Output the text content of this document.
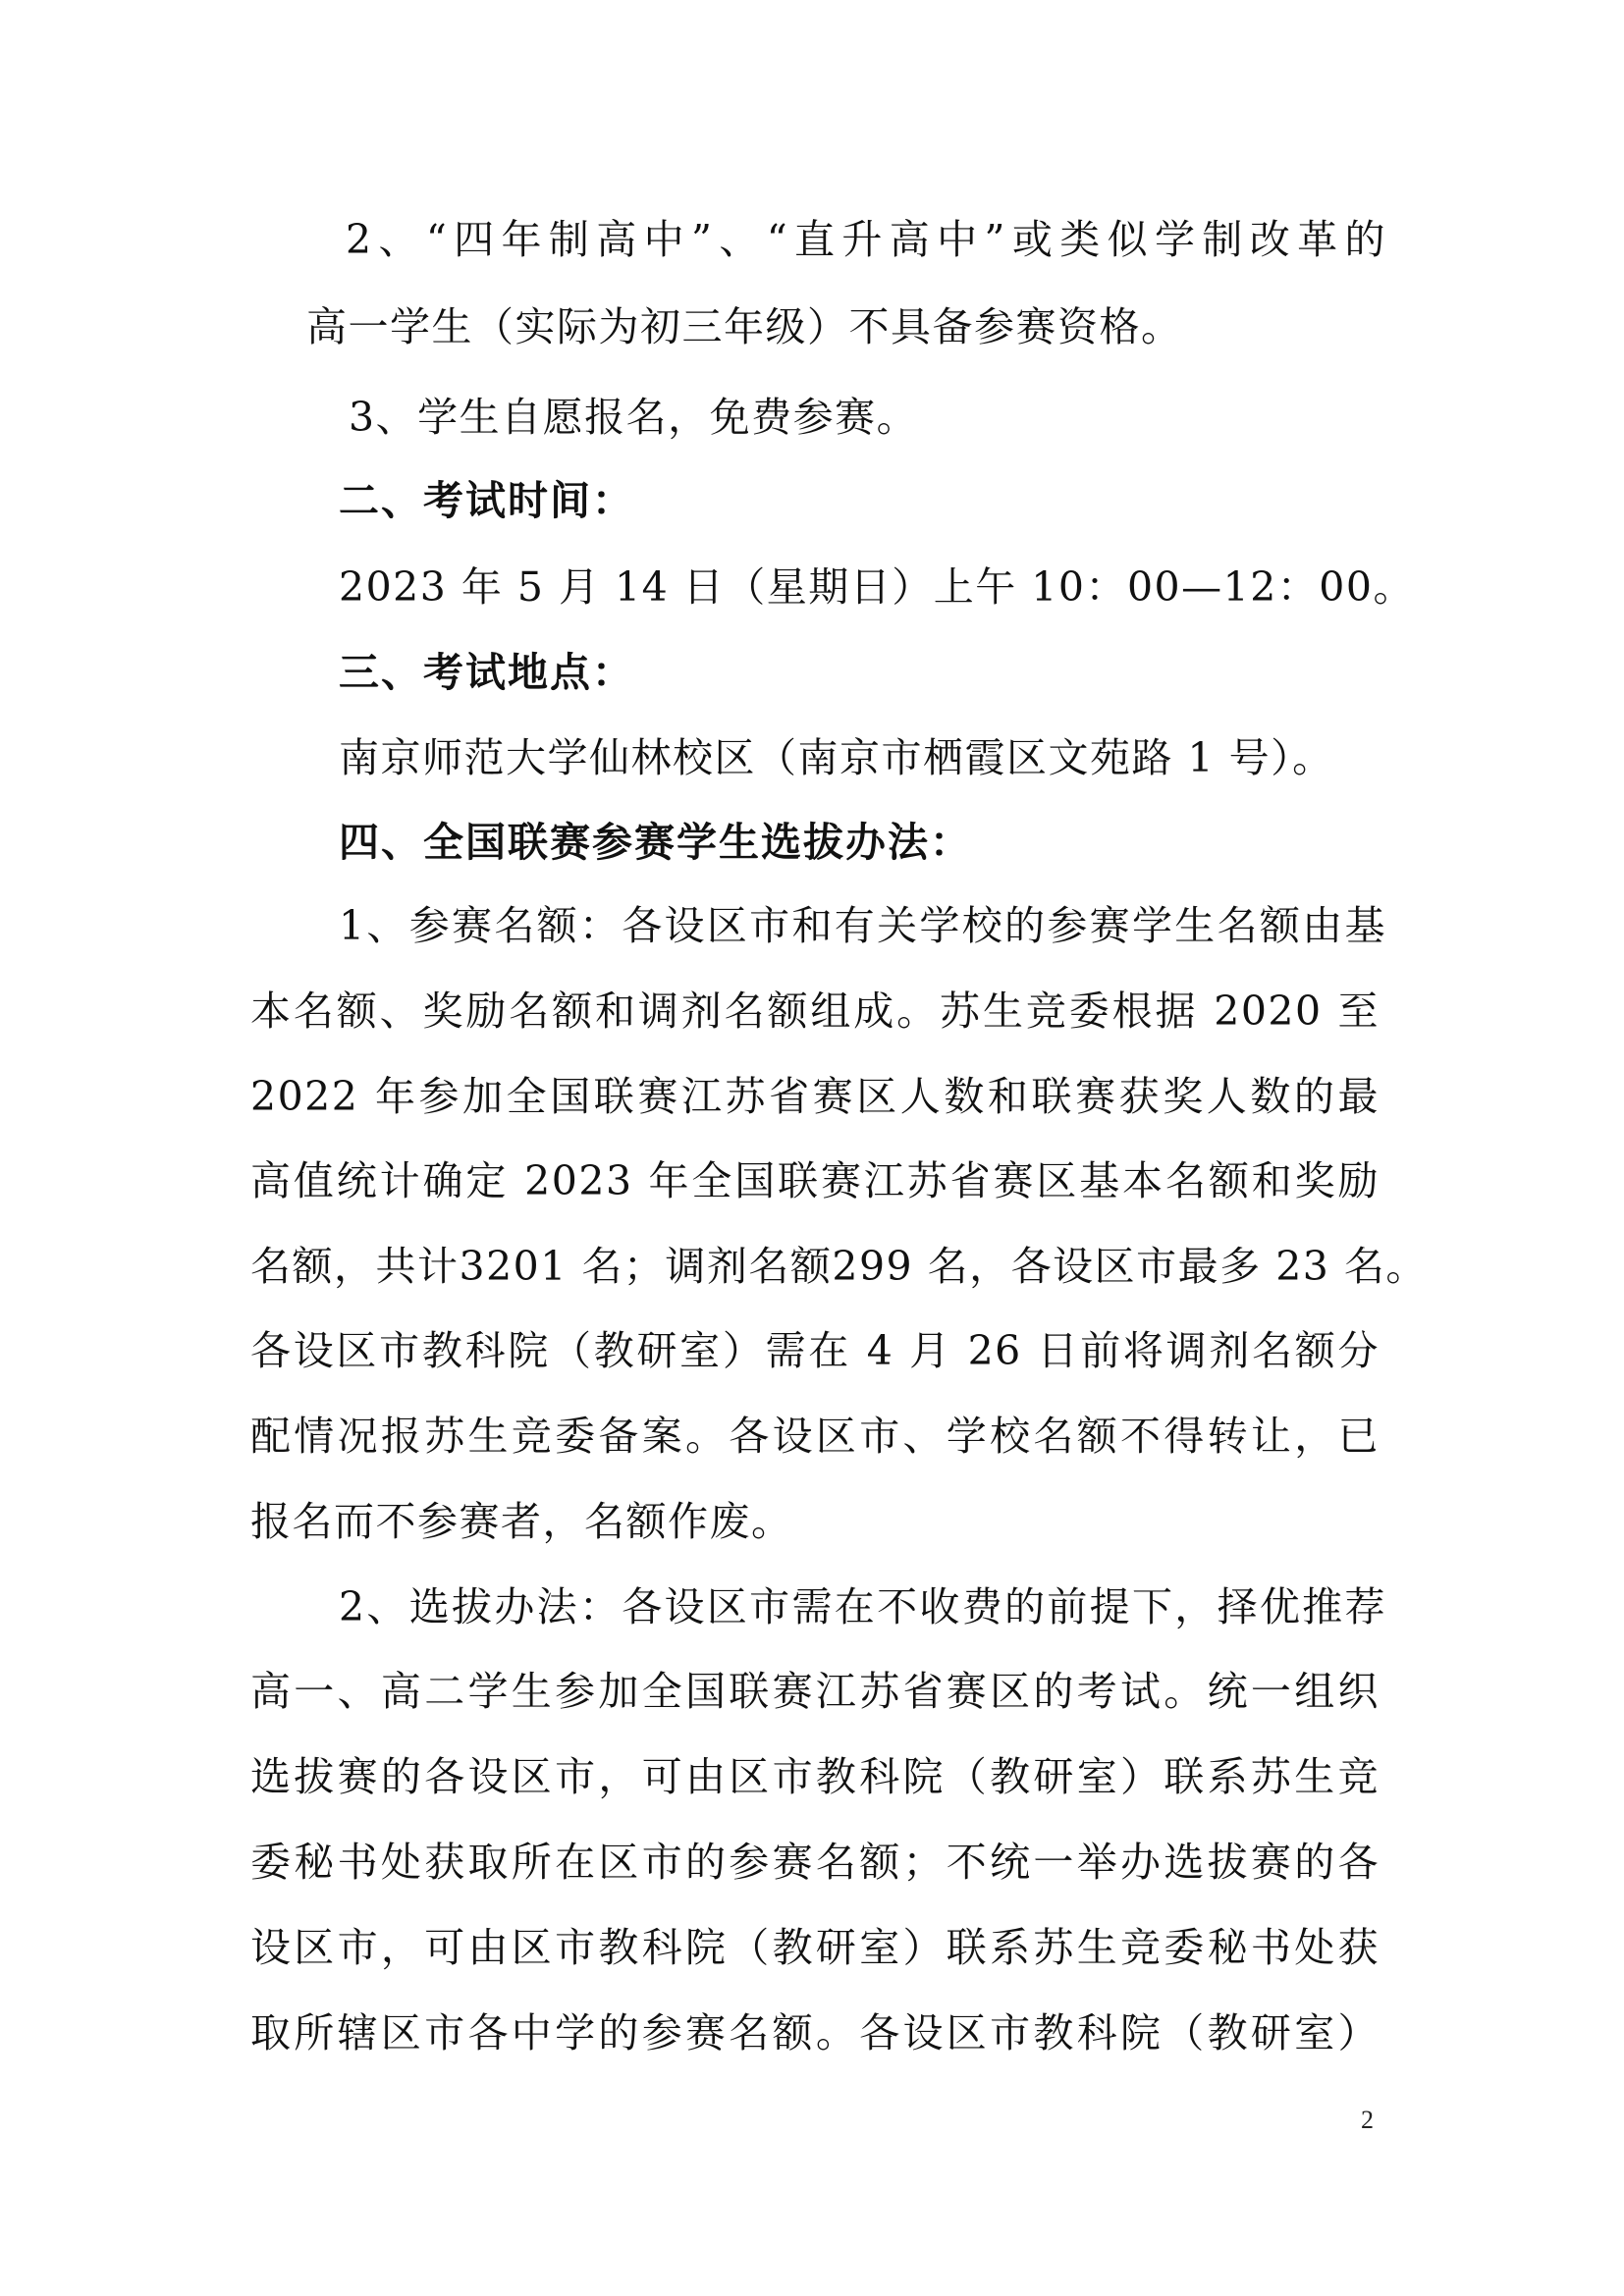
2、“四年制高中”、“直升高中”或类似学制改革的
高一学生（实际为初三年级）不具备参赛资格。
3、学生自愿报名，免费参赛。
二、考试时间：
2023 年 5 月 14 日（星期日）上午 10：00—12：00。
三、考试地点：
南京师范大学仙林校区（南京市栖霞区文苑路 1 号）。
四、全国联赛参赛学生选拔办法：
1、参赛名额：各设区市和有关学校的参赛学生名额由基
本名额、奖励名额和调剂名额组成。苏生竞委根据 2020 至
2022 年参加全国联赛江苏省赛区人数和联赛获奖人数的最
高值统计确定 2023 年全国联赛江苏省赛区基本名额和奖励
名额，共计3201 名；调剂名额299 名，各设区市最多 23 名。
各设区市教科院（教研室）需在 4 月 26 日前将调剂名额分
配情况报苏生竞委备案。各设区市、学校名额不得转让，已
报名而不参赛者，名额作废。
2、选拔办法：各设区市需在不收费的前提下，择优推荐
高一、高二学生参加全国联赛江苏省赛区的考试。统一组织
选拔赛的各设区市，可由区市教科院（教研室）联系苏生竞
委秘书处获取所在区市的参赛名额；不统一举办选拔赛的各
设区市，可由区市教科院（教研室）联系苏生竞委秘书处获
取所辖区市各中学的参赛名额。各设区市教科院（教研室）
2
